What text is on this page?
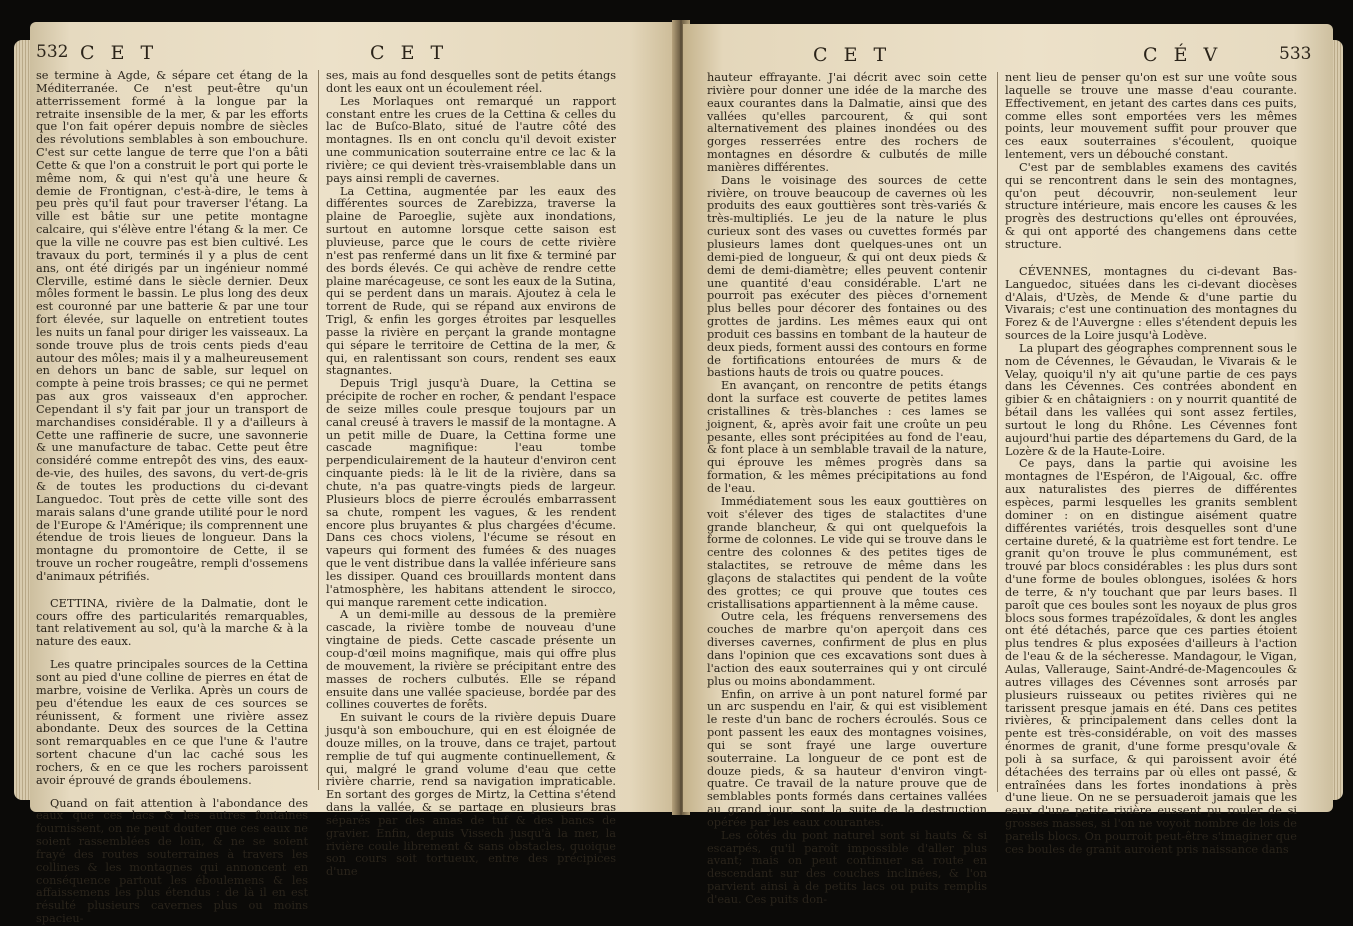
532 C E T	C E T

se termine à Agde, & sépare cet étang de la Méditerranée. Ce n'est peut-être qu'un atterrissement formé à la longue par la retraite insensible de la mer, & par les efforts que l'on fait opérer depuis nombre de siècles des révolutions semblables à son embouchure. C'est sur cette langue de terre que l'on a bâti Cette & que l'on a construit le port qui porte le même nom, & qui n'est qu'à une heure & demie de Frontignan, c'est-à-dire, le tems à peu près qu'il faut pour traverser l'étang. La ville est bâtie sur une petite montagne calcaire, qui s'élève entre l'étang & la mer. Ce que la ville ne couvre pas est bien cultivé. Les travaux du port, terminés il y a plus de cent ans, ont été dirigés par un ingénieur nommé Clerville, estimé dans le siècle dernier. Deux môles forment le bassin. Le plus long des deux est couronné par une batterie & par une tour fort élevée, sur laquelle on entretient toutes les nuits un fanal pour diriger les vaisseaux. La sonde trouve plus de trois cents pieds d'eau autour des môles; mais il y a malheureusement en dehors un banc de sable, sur lequel on compte à peine trois brasses; ce qui ne permet pas aux gros vaisseaux d'en approcher. Cependant il s'y fait par jour un transport de marchandises considérable. Il y a d'ailleurs à Cette une raffinerie de sucre, une savonnerie & une manufacture de tabac. Cette peut être considéré comme entrepôt des vins, des eaux-de-vie, des huiles, des savons, du vert-de-gris & de toutes les productions du ci-devant Languedoc. Tout près de cette ville sont des marais salans d'une grande utilité pour le nord de l'Europe & l'Amérique; ils comprennent une étendue de trois lieues de longueur. Dans la montagne du promontoire de Cette, il se trouve un rocher rougeâtre, rempli d'ossemens d'animaux pétrifiés.

CETTINA, rivière de la Dalmatie, dont le cours offre des particularités remarquables, tant relativement au sol, qu'à la marche & à la nature des eaux.

Les quatre principales sources de la Cettina sont au pied d'une colline de pierres en état de marbre, voisine de Verlika. Après un cours de peu d'étendue les eaux de ces sources se réunissent, & forment une rivière assez abondante. Deux des sources de la Cettina sont remarquables en ce que l'une & l'autre sortent chacune d'un lac caché sous les rochers, & en ce que les rochers paroissent avoir éprouvé de grands éboulemens.

Quand on fait attention à l'abondance des eaux que ces lacs & les autres fontaines fournissent, on ne peut douter que ces eaux ne soient rassemblées de loin, & ne se soient frayé des routes souterraines à travers les collines & les montagnes qui annoncent en conséquence partout les éboulemens & les affaissemens les plus étendus : de là il en est résulté plusieurs cavernes plus ou moins spacieu-

ses, mais au fond desquelles sont de petits étangs dont les eaux ont un écoulement réel.

Les Morlaques ont remarqué un rapport constant entre les crues de la Cettina & celles du lac de Buſco-Blato, situé de l'autre côté des montagnes. Ils en ont conclu qu'il devoit exister une communication souterraine entre ce lac & la rivière; ce qui devient très-vraisemblable dans un pays ainsi rempli de cavernes.

La Cettina, augmentée par les eaux des différentes sources de Zarebizza, traverse la plaine de Paroeglie, sujète aux inondations, surtout en automne lorsque cette saison est pluvieuse, parce que le cours de cette rivière n'est pas renfermé dans un lit fixe & terminé par des bords élevés. Ce qui achève de rendre cette plaine marécageuse, ce sont les eaux de la Sutina, qui se perdent dans un marais. Ajoutez à cela le torrent de Rude, qui se répand aux environs de Trigl, & enfin les gorges étroites par lesquelles passe la rivière en perçant la grande montagne qui sépare le territoire de Cettina de la mer, & qui, en ralentissant son cours, rendent ses eaux stagnantes.

Depuis Trigl jusqu'à Duare, la Cettina se précipite de rocher en rocher, & pendant l'espace de seize milles coule presque toujours par un canal creusé à travers le massif de la montagne. A un petit mille de Duare, la Cettina forme une cascade magnifique: l'eau tombe perpendiculairement de la hauteur d'environ cent cinquante pieds: là le lit de la rivière, dans sa chute, n'a pas quatre-vingts pieds de largeur. Plusieurs blocs de pierre écroulés embarrassent sa chute, rompent les vagues, & les rendent encore plus bruyantes & plus chargées d'écume. Dans ces chocs violens, l'écume se résout en vapeurs qui forment des fumées & des nuages que le vent distribue dans la vallée inférieure sans les dissiper. Quand ces brouillards montent dans l'atmosphère, les habitans attendent le sirocco, qui manque rarement cette indication.

A un demi-mille au dessous de la première cascade, la rivière tombe de nouveau d'une vingtaine de pieds. Cette cascade présente un coup-d'œil moins magnifique, mais qui offre plus de mouvement, la rivière se précipitant entre des masses de rochers culbutés. Elle se répand ensuite dans une vallée spacieuse, bordée par des collines couvertes de forêts.

En suivant le cours de la rivière depuis Duare jusqu'à son embouchure, qui en est éloignée de douze milles, on la trouve, dans ce trajet, partout remplie de tuf qui augmente continuellement, & qui, malgré le grand volume d'eau que cette rivière charrie, rend sa navigation impraticable. En sortant des gorges de Mirtz, la Cettina s'étend dans la vallée, & se partage en plusieurs bras séparés par des amas de tuf & des bancs de gravier. Enfin, depuis Vissech jusqu'à la mer, la rivière coule librement & sans obstacles, quoique son cours soit tortueux, entre des précipices d'une

C E T	C É V	533

hauteur effrayante. J'ai décrit avec soin cette rivière pour donner une idée de la marche des eaux courantes dans la Dalmatie, ainsi que des vallées qu'elles parcourent, & qui sont alternativement des plaines inondées ou des gorges resserrées entre des rochers de montagnes en désordre & culbutés de mille manières différentes.

Dans le voisinage des sources de cette rivière, on trouve beaucoup de cavernes où les produits des eaux gouttières sont très-variés & très-multipliés. Le jeu de la nature le plus curieux sont des vases ou cuvettes formés par plusieurs lames dont quelques-unes ont un demi-pied de longueur, & qui ont deux pieds & demi de demi-diamètre; elles peuvent contenir une quantité d'eau considérable. L'art ne pourroit pas exécuter des pièces d'ornement plus belles pour décorer des fontaines ou des grottes de jardins. Les mêmes eaux qui ont produit ces bassins en tombant de la hauteur de deux pieds, forment aussi des contours en forme de fortifications entourées de murs & de bastions hauts de trois ou quatre pouces.

En avançant, on rencontre de petits étangs dont la surface est couverte de petites lames cristallines & très-blanches : ces lames se joignent, &, après avoir fait une croûte un peu pesante, elles sont précipitées au fond de l'eau, & font place à un semblable travail de la nature, qui éprouve les mêmes progrès dans sa formation, & les mêmes précipitations au fond de l'eau.

Immédiatement sous les eaux gouttières on voit s'élever des tiges de stalactites d'une grande blancheur, & qui ont quelquefois la forme de colonnes. Le vide qui se trouve dans le centre des colonnes & des petites tiges de stalactites, se retrouve de même dans les glaçons de stalactites qui pendent de la voûte des grottes; ce qui prouve que toutes ces cristallisations appartiennent à la même cause.

Outre cela, les fréquens renversemens des couches de marbre qu'on aperçoit dans ces diverses cavernes, confirment de plus en plus dans l'opinion que ces excavations sont dues à l'action des eaux souterraines qui y ont circulé plus ou moins abondamment.

Enfin, on arrive à un pont naturel formé par un arc suspendu en l'air, & qui est visiblement le reste d'un banc de rochers écroulés. Sous ce pont passent les eaux des montagnes voisines, qui se sont frayé une large ouverture souterraine. La longueur de ce pont est de douze pieds, & sa hauteur d'environ vingt-quatre. Ce travail de la nature prouve que de semblables ponts formés dans certaines vallées au grand jour, sont la suite de la destruction opérée par les eaux courantes.

Les côtés du pont naturel sont si hauts & si escarpés, qu'il paroît impossible d'aller plus avant; mais on peut continuer sa route en descendant sur des couches inclinées, & l'on parvient ainsi à de petits lacs ou puits remplis d'eau. Ces puits don-

nent lieu de penser qu'on est sur une voûte sous laquelle se trouve une masse d'eau courante. Effectivement, en jetant des cartes dans ces puits, comme elles sont emportées vers les mêmes points, leur mouvement suffit pour prouver que ces eaux souterraines s'écoulent, quoique lentement, vers un débouché constant.

C'est par de semblables examens des cavités qui se rencontrent dans le sein des montagnes, qu'on peut découvrir, non-seulement leur structure intérieure, mais encore les causes & les progrès des destructions qu'elles ont éprouvées, & qui ont apporté des changemens dans cette structure.

CÉVENNES, montagnes du ci-devant Bas-Languedoc, situées dans les ci-devant diocèses d'Alais, d'Uzès, de Mende & d'une partie du Vivarais; c'est une continuation des montagnes du Forez & de l'Auvergne : elles s'étendent depuis les sources de la Loire jusqu'à Lodève.

La plupart des géographes comprennent sous le nom de Cévennes, le Gévaudan, le Vivarais & le Velay, quoiqu'il n'y ait qu'une partie de ces pays dans les Cévennes. Ces contrées abondent en gibier & en châtaigniers : on y nourrit quantité de bétail dans les vallées qui sont assez fertiles, surtout le long du Rhône. Les Cévennes font aujourd'hui partie des départemens du Gard, de la Lozère & de la Haute-Loire.

Ce pays, dans la partie qui avoisine les montagnes de l'Espéron, de l'Aigoual, &c. offre aux naturalistes des pierres de différentes espèces, parmi lesquelles les granits semblent dominer : on en distingue aisément quatre différentes variétés, trois desquelles sont d'une certaine dureté, & la quatrième est fort tendre. Le granit qu'on trouve le plus communément, est trouvé par blocs considérables : les plus durs sont d'une forme de boules oblongues, isolées & hors de terre, & n'y touchant que par leurs bases. Il paroît que ces boules sont les noyaux de plus gros blocs sous formes trapézoïdales, & dont les angles ont été détachés, parce que ces parties étoient plus tendres & plus exposées d'ailleurs à l'action de l'eau & de la sécheresse. Mandagour, le Vigan, Aulas, Vallerauge, Saint-André-de-Magencoules & autres villages des Cévennes sont arrosés par plusieurs ruisseaux ou petites rivières qui ne tarissent presque jamais en été. Dans ces petites rivières, & principalement dans celles dont la pente est très-considérable, on voit des masses énormes de granit, d'une forme presqu'ovale & poli à sa surface, & qui paroissent avoir été détachées des terrains par où elles ont passé, & entraînées dans les fortes inondations à près d'une lieue. On ne se persuaderoit jamais que les eaux d'une petite rivière eussent pu rouler de si grosses masses, si l'on ne voyoit nombre de lois de pareils blocs. On pourroit peut-être s'imaginer que ces boules de granit auroient pris naissance dans
